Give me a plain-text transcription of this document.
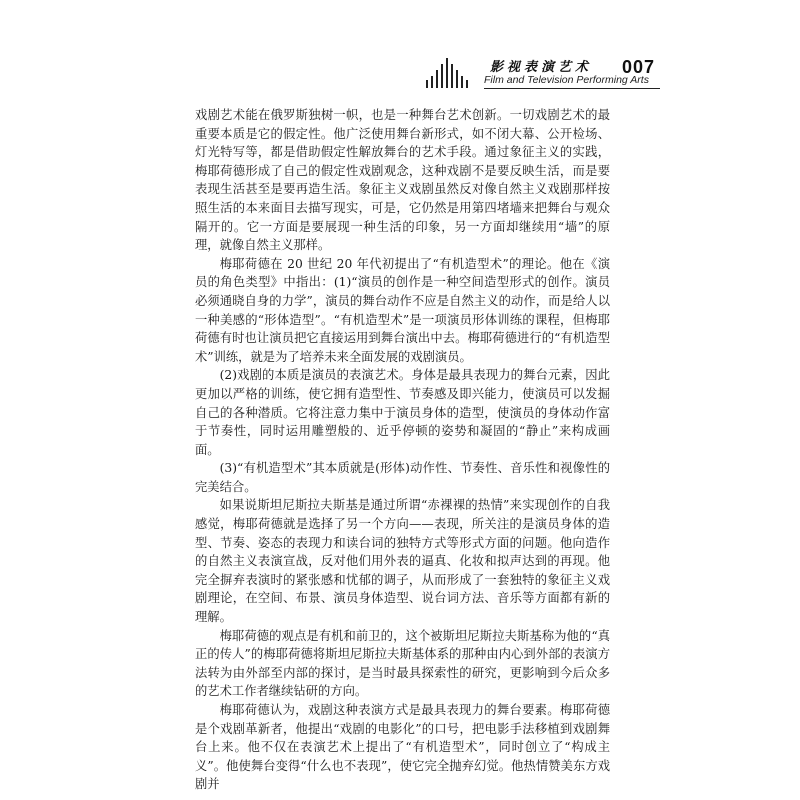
影视表演艺术
Film and Television Performing Arts
007

戏剧艺术能在俄罗斯独树一帜，也是一种舞台艺术创新。一切戏剧艺术的最重要本质是它的假定性。他广泛使用舞台新形式，如不闭大幕、公开检场、灯光特写等，都是借助假定性解放舞台的艺术手段。通过象征主义的实践，梅耶荷德形成了自己的假定性戏剧观念，这种戏剧不是要反映生活，而是要表现生活甚至是要再造生活。象征主义戏剧虽然反对像自然主义戏剧那样按照生活的本来面目去描写现实，可是，它仍然是用第四堵墙来把舞台与观众隔开的。它一方面是要展现一种生活的印象，另一方面却继续用“墙”的原理，就像自然主义那样。

梅耶荷德在 20 世纪 20 年代初提出了“有机造型术”的理论。他在《演员的角色类型》中指出：(1)“演员的创作是一种空间造型形式的创作。演员必须通晓自身的力学”，演员的舞台动作不应是自然主义的动作，而是给人以一种美感的“形体造型”。“有机造型术”是一项演员形体训练的课程，但梅耶荷德有时也让演员把它直接运用到舞台演出中去。梅耶荷德进行的“有机造型术”训练，就是为了培养未来全面发展的戏剧演员。

(2)戏剧的本质是演员的表演艺术。身体是最具表现力的舞台元素，因此更加以严格的训练，使它拥有造型性、节奏感及即兴能力，使演员可以发掘自己的各种潜质。它将注意力集中于演员身体的造型，使演员的身体动作富于节奏性，同时运用雕塑般的、近乎停顿的姿势和凝固的“静止”来构成画面。

(3)“有机造型术”其本质就是(形体)动作性、节奏性、音乐性和视像性的完美结合。

如果说斯坦尼斯拉夫斯基是通过所谓“赤裸裸的热情”来实现创作的自我感觉，梅耶荷德就是选择了另一个方向——表现，所关注的是演员身体的造型、节奏、姿态的表现力和读台词的独特方式等形式方面的问题。他向造作的自然主义表演宣战，反对他们用外表的逼真、化妆和拟声达到的再现。他完全摒弃表演时的紧张感和忧郁的调子，从而形成了一套独特的象征主义戏剧理论，在空间、布景、演员身体造型、说台词方法、音乐等方面都有新的理解。

梅耶荷德的观点是有机和前卫的，这个被斯坦尼斯拉夫斯基称为他的“真正的传人”的梅耶荷德将斯坦尼斯拉夫斯基体系的那种由内心到外部的表演方法转为由外部至内部的探讨，是当时最具探索性的研究，更影响到今后众多的艺术工作者继续钻研的方向。

梅耶荷德认为，戏剧这种表演方式是最具表现力的舞台要素。梅耶荷德是个戏剧革新者，他提出“戏剧的电影化”的口号，把电影手法移植到戏剧舞台上来。他不仅在表演艺术上提出了“有机造型术”，同时创立了“构成主义”。他使舞台变得“什么也不表现”，使它完全抛弃幻觉。他热情赞美东方戏剧并
